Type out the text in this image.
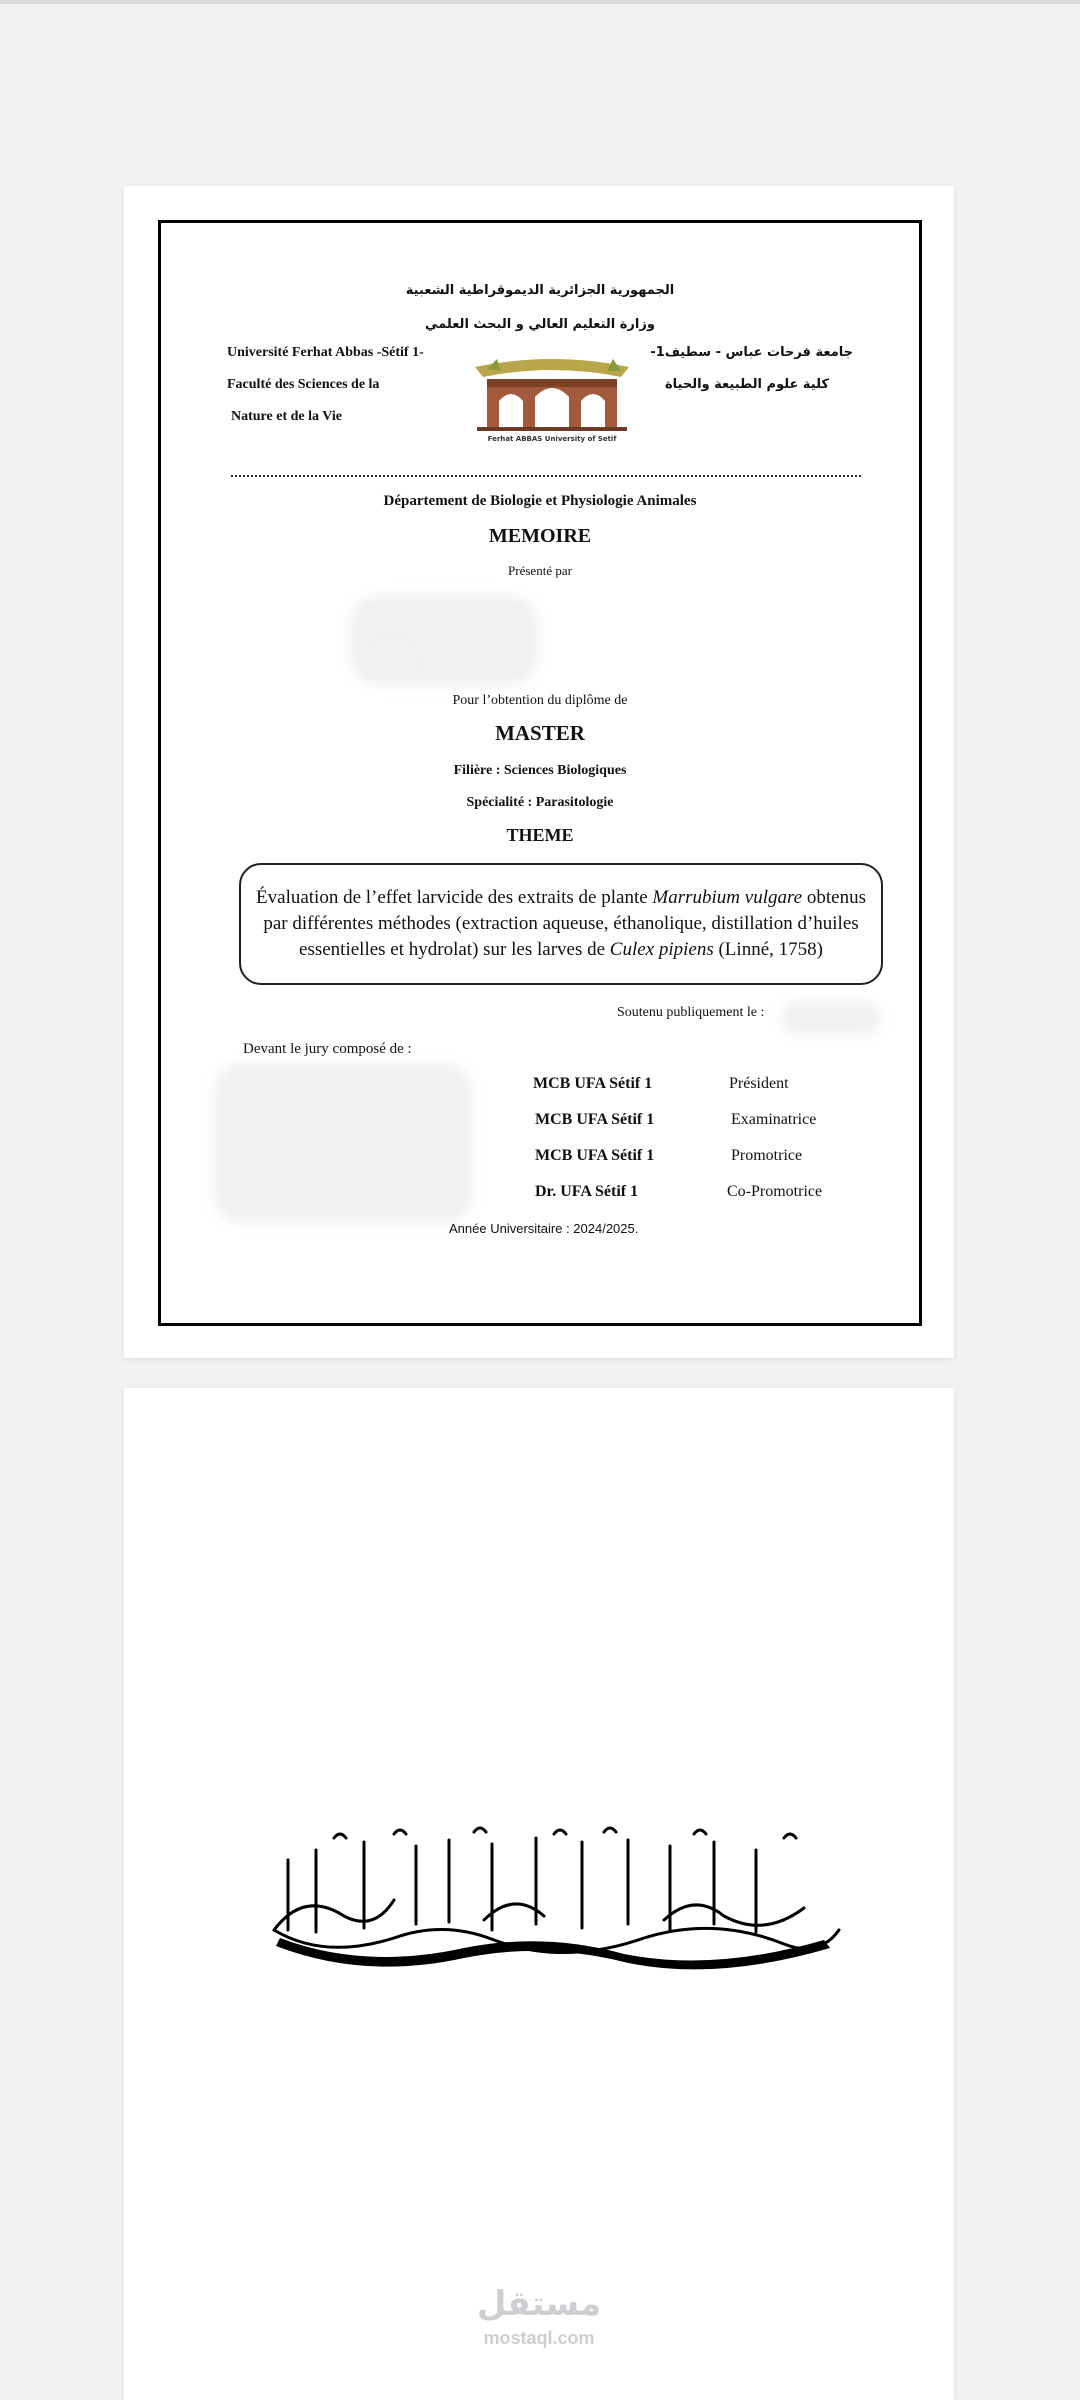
الجمهورية الجزائرية الديموقراطية الشعبية
وزارة التعليم العالي و البحث العلمي
Université Ferhat Abbas -Sétif 1-
Faculté des Sciences de la
Nature et de la Vie
جامعة فرحات عباس - سطيف1-
كلية علوم الطبيعة والحياة
Ferhat ABBAS University of Setif
Département de Biologie et Physiologie Animales
MEMOIRE
Présenté par
Pour l’obtention du diplôme de
MASTER
Filière : Sciences Biologiques
Spécialité : Parasitologie
THEME
Évaluation de l’effet larvicide des extraits de plante Marrubium vulgare obtenus par différentes méthodes (extraction aqueuse, éthanolique, distillation d’huiles essentielles et hydrolat) sur les larves de Culex pipiens (Linné, 1758)
Soutenu publiquement le :
Devant le jury composé de :
MCB UFA Sétif 1	Président
MCB UFA Sétif 1	Examinatrice
MCB UFA Sétif 1	Promotrice
Dr. UFA Sétif 1	Co-Promotrice
Année Universitaire : 2024/2025.
مستقل
mostaql.com
